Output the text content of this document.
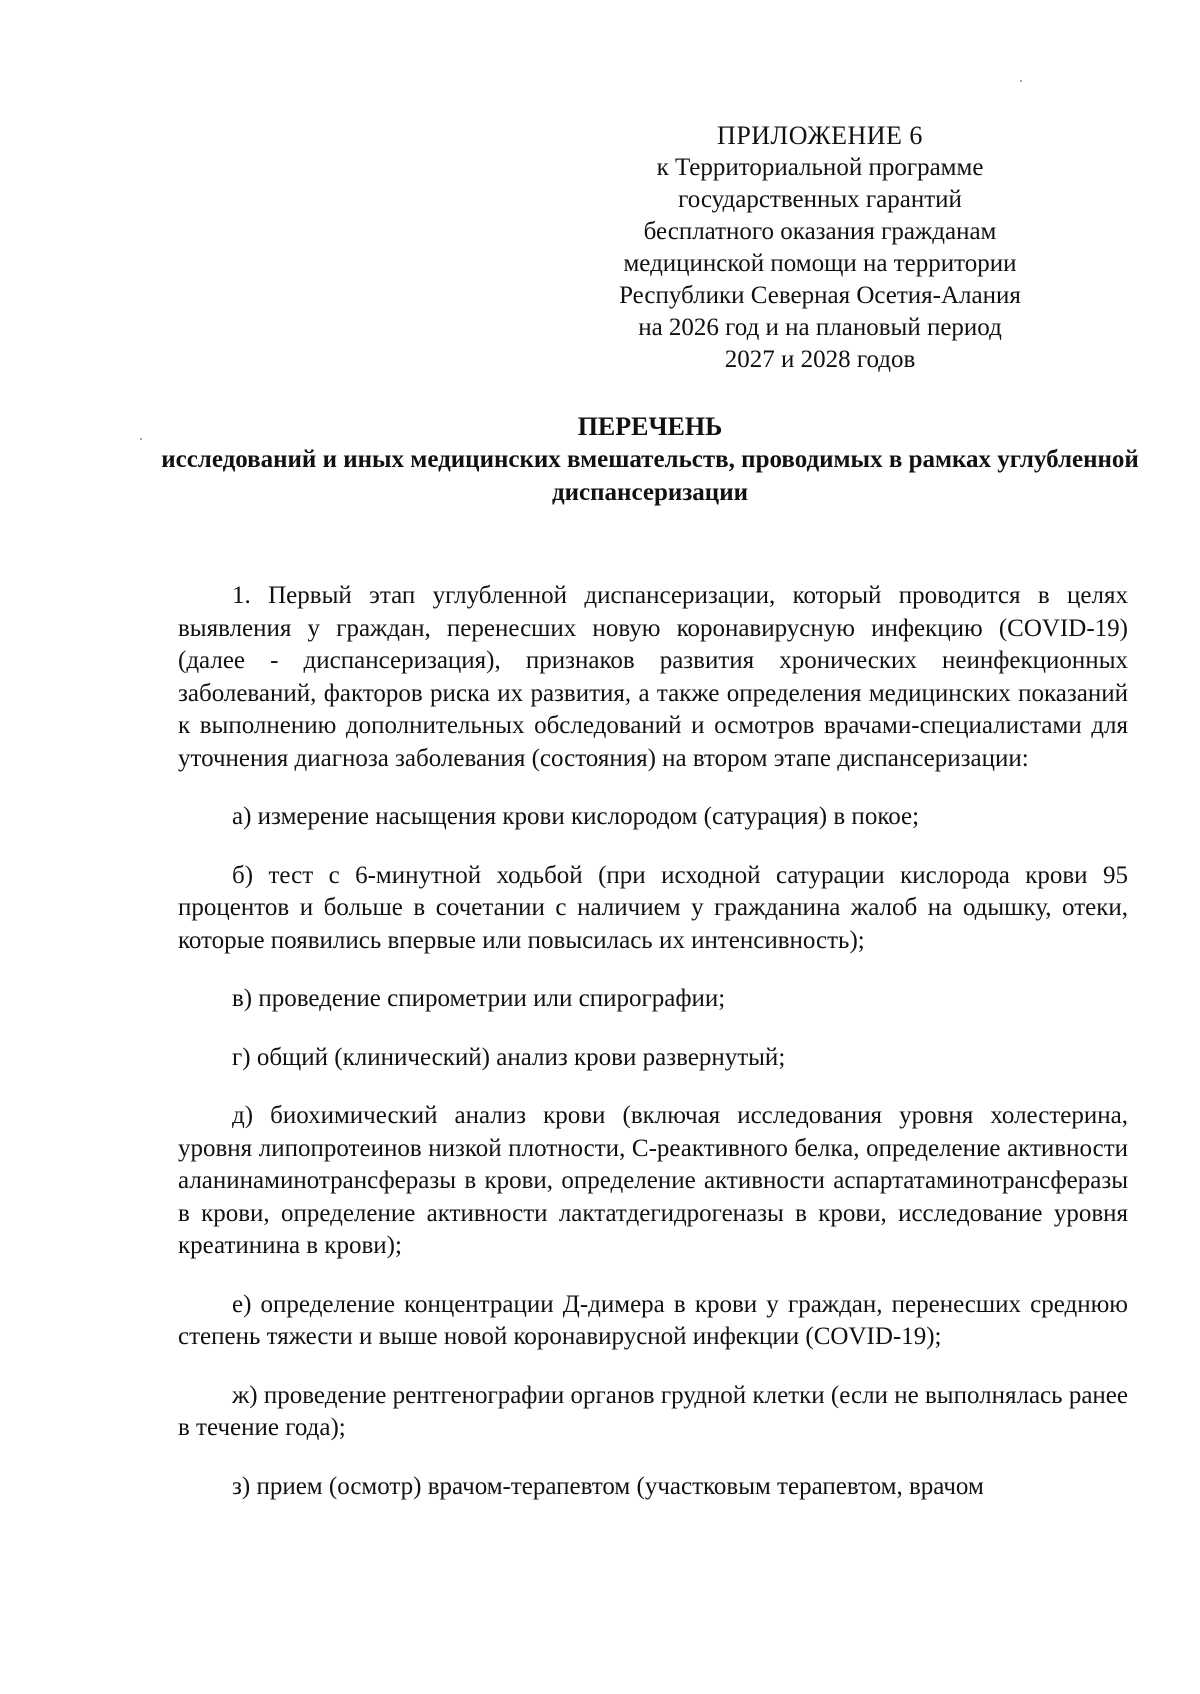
ПРИЛОЖЕНИЕ 6
к Территориальной программе
государственных гарантий
бесплатного оказания гражданам
медицинской помощи на территории
Республики Северная Осетия-Алания
на 2026 год и на плановый период
2027 и 2028 годов
ПЕРЕЧЕНЬ
исследований и иных медицинских вмешательств, проводимых в рамках углубленной диспансеризации

1. Первый этап углубленной диспансеризации, который проводится в целях выявления у граждан, перенесших новую коронавирусную инфекцию (COVID-19) (далее - диспансеризация), признаков развития хронических неинфекционных заболеваний, факторов риска их развития, а также определения медицинских показаний к выполнению дополнительных обследований и осмотров врачами-специалистами для уточнения диагноза заболевания (состояния) на втором этапе диспансеризации:

а) измерение насыщения крови кислородом (сатурация) в покое;

б) тест с 6-минутной ходьбой (при исходной сатурации кислорода крови 95 процентов и больше в сочетании с наличием у гражданина жалоб на одышку, отеки, которые появились впервые или повысилась их интенсивность);

в) проведение спирометрии или спирографии;

г) общий (клинический) анализ крови развернутый;

д) биохимический анализ крови (включая исследования уровня холестерина, уровня липопротеинов низкой плотности, С-реактивного белка, определение активности аланинаминотрансферазы в крови, определение активности аспартатаминотрансферазы в крови, определение активности лактатдегидрогеназы в крови, исследование уровня креатинина в крови);

е) определение концентрации Д-димера в крови у граждан, перенесших среднюю степень тяжести и выше новой коронавирусной инфекции (COVID-19);

ж) проведение рентгенографии органов грудной клетки (если не выполнялась ранее в течение года);

з) прием (осмотр) врачом-терапевтом (участковым терапевтом, врачом
